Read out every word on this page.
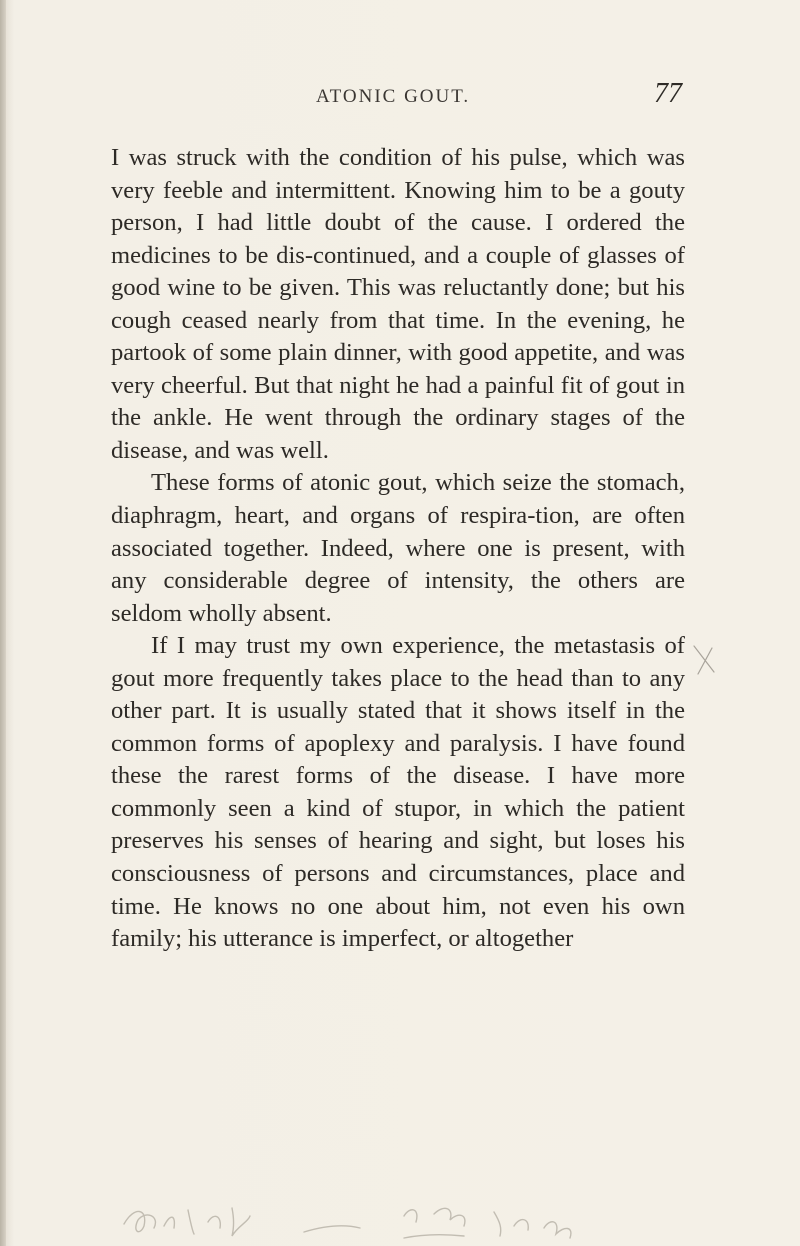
ATONIC GOUT.	77

I was struck with the condition of his pulse, which was very feeble and intermittent. Knowing him to be a gouty person, I had little doubt of the cause. I ordered the medicines to be dis-continued, and a couple of glasses of good wine to be given. This was reluctantly done; but his cough ceased nearly from that time. In the evening, he partook of some plain dinner, with good appetite, and was very cheerful. But that night he had a painful fit of gout in the ankle. He went through the ordinary stages of the disease, and was well.

These forms of atonic gout, which seize the stomach, diaphragm, heart, and organs of respira-tion, are often associated together. Indeed, where one is present, with any considerable degree of intensity, the others are seldom wholly absent.

If I may trust my own experience, the metastasis of gout more frequently takes place to the head than to any other part. It is usually stated that it shows itself in the common forms of apoplexy and paralysis. I have found these the rarest forms of the disease. I have more commonly seen a kind of stupor, in which the patient preserves his senses of hearing and sight, but loses his consciousness of persons and circumstances, place and time. He knows no one about him, not even his own family; his utterance is imperfect, or altogether
